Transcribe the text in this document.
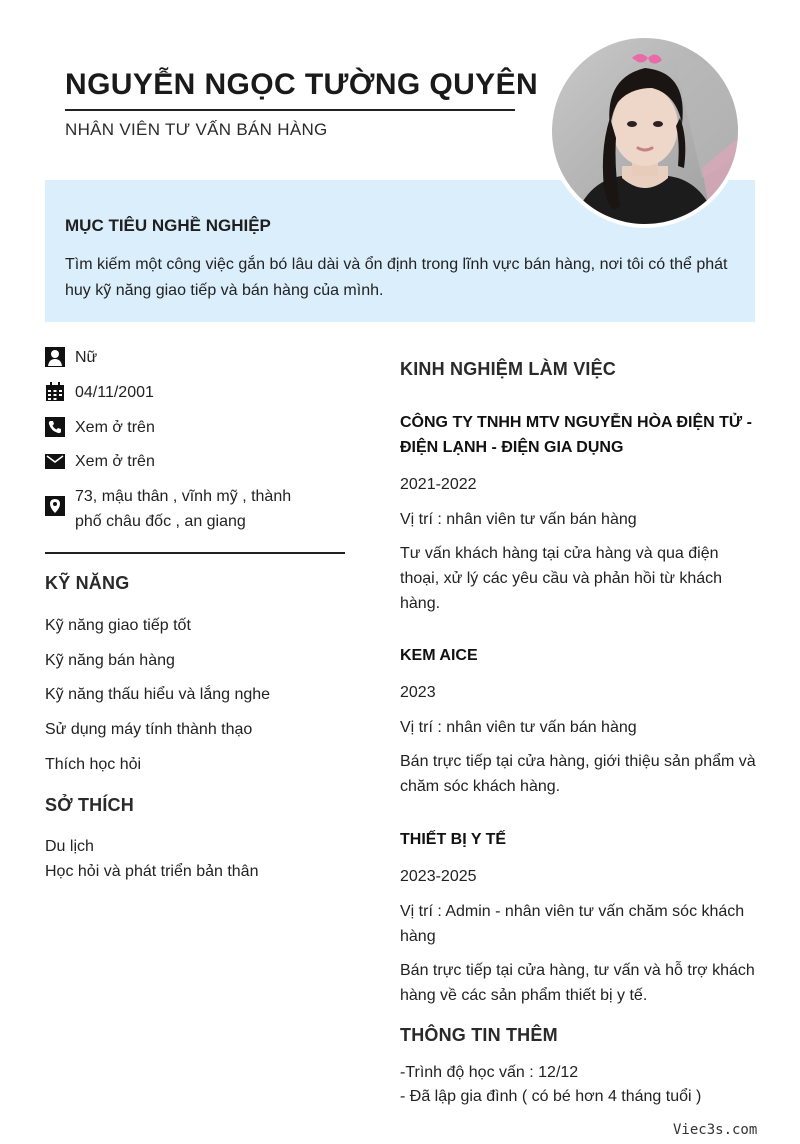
NGUYỄN NGỌC TƯỜNG QUYÊN
NHÂN VIÊN TƯ VẤN BÁN HÀNG
MỤC TIÊU NGHỀ NGHIỆP
Tìm kiếm một công việc gắn bó lâu dài và ổn định trong lĩnh vực bán hàng, nơi tôi có thể phát huy kỹ năng giao tiếp và bán hàng của mình.
Nữ
04/11/2001
Xem ở trên
Xem ở trên
73, mậu thân , vĩnh mỹ , thành phố châu đốc , an giang
KỸ NĂNG
Kỹ năng giao tiếp tốt
Kỹ năng bán hàng
Kỹ năng thấu hiểu và lắng nghe
Sử dụng máy tính thành thạo
Thích học hỏi
SỞ THÍCH
Du lịch
Học hỏi và phát triển bản thân
KINH NGHIỆM LÀM VIỆC
CÔNG TY TNHH MTV NGUYỄN HÒA ĐIỆN TỬ - ĐIỆN LẠNH - ĐIỆN GIA DỤNG
2021-2022
Vị trí : nhân viên tư vấn bán hàng
Tư vấn khách hàng tại cửa hàng và qua điện thoại, xử lý các yêu cầu và phản hồi từ khách hàng.
KEM AICE
2023
Vị trí : nhân viên tư vấn bán hàng
Bán trực tiếp tại cửa hàng, giới thiệu sản phẩm và chăm sóc khách hàng.
THIẾT BỊ Y TẾ
2023-2025
Vị trí : Admin - nhân viên tư vấn chăm sóc khách hàng
Bán trực tiếp tại cửa hàng, tư vấn và hỗ trợ khách hàng về các sản phẩm thiết bị y tế.
THÔNG TIN THÊM
-Trình độ học vấn : 12/12
- Đã lập gia đình ( có bé hơn 4 tháng tuổi )
Viec3s.com
